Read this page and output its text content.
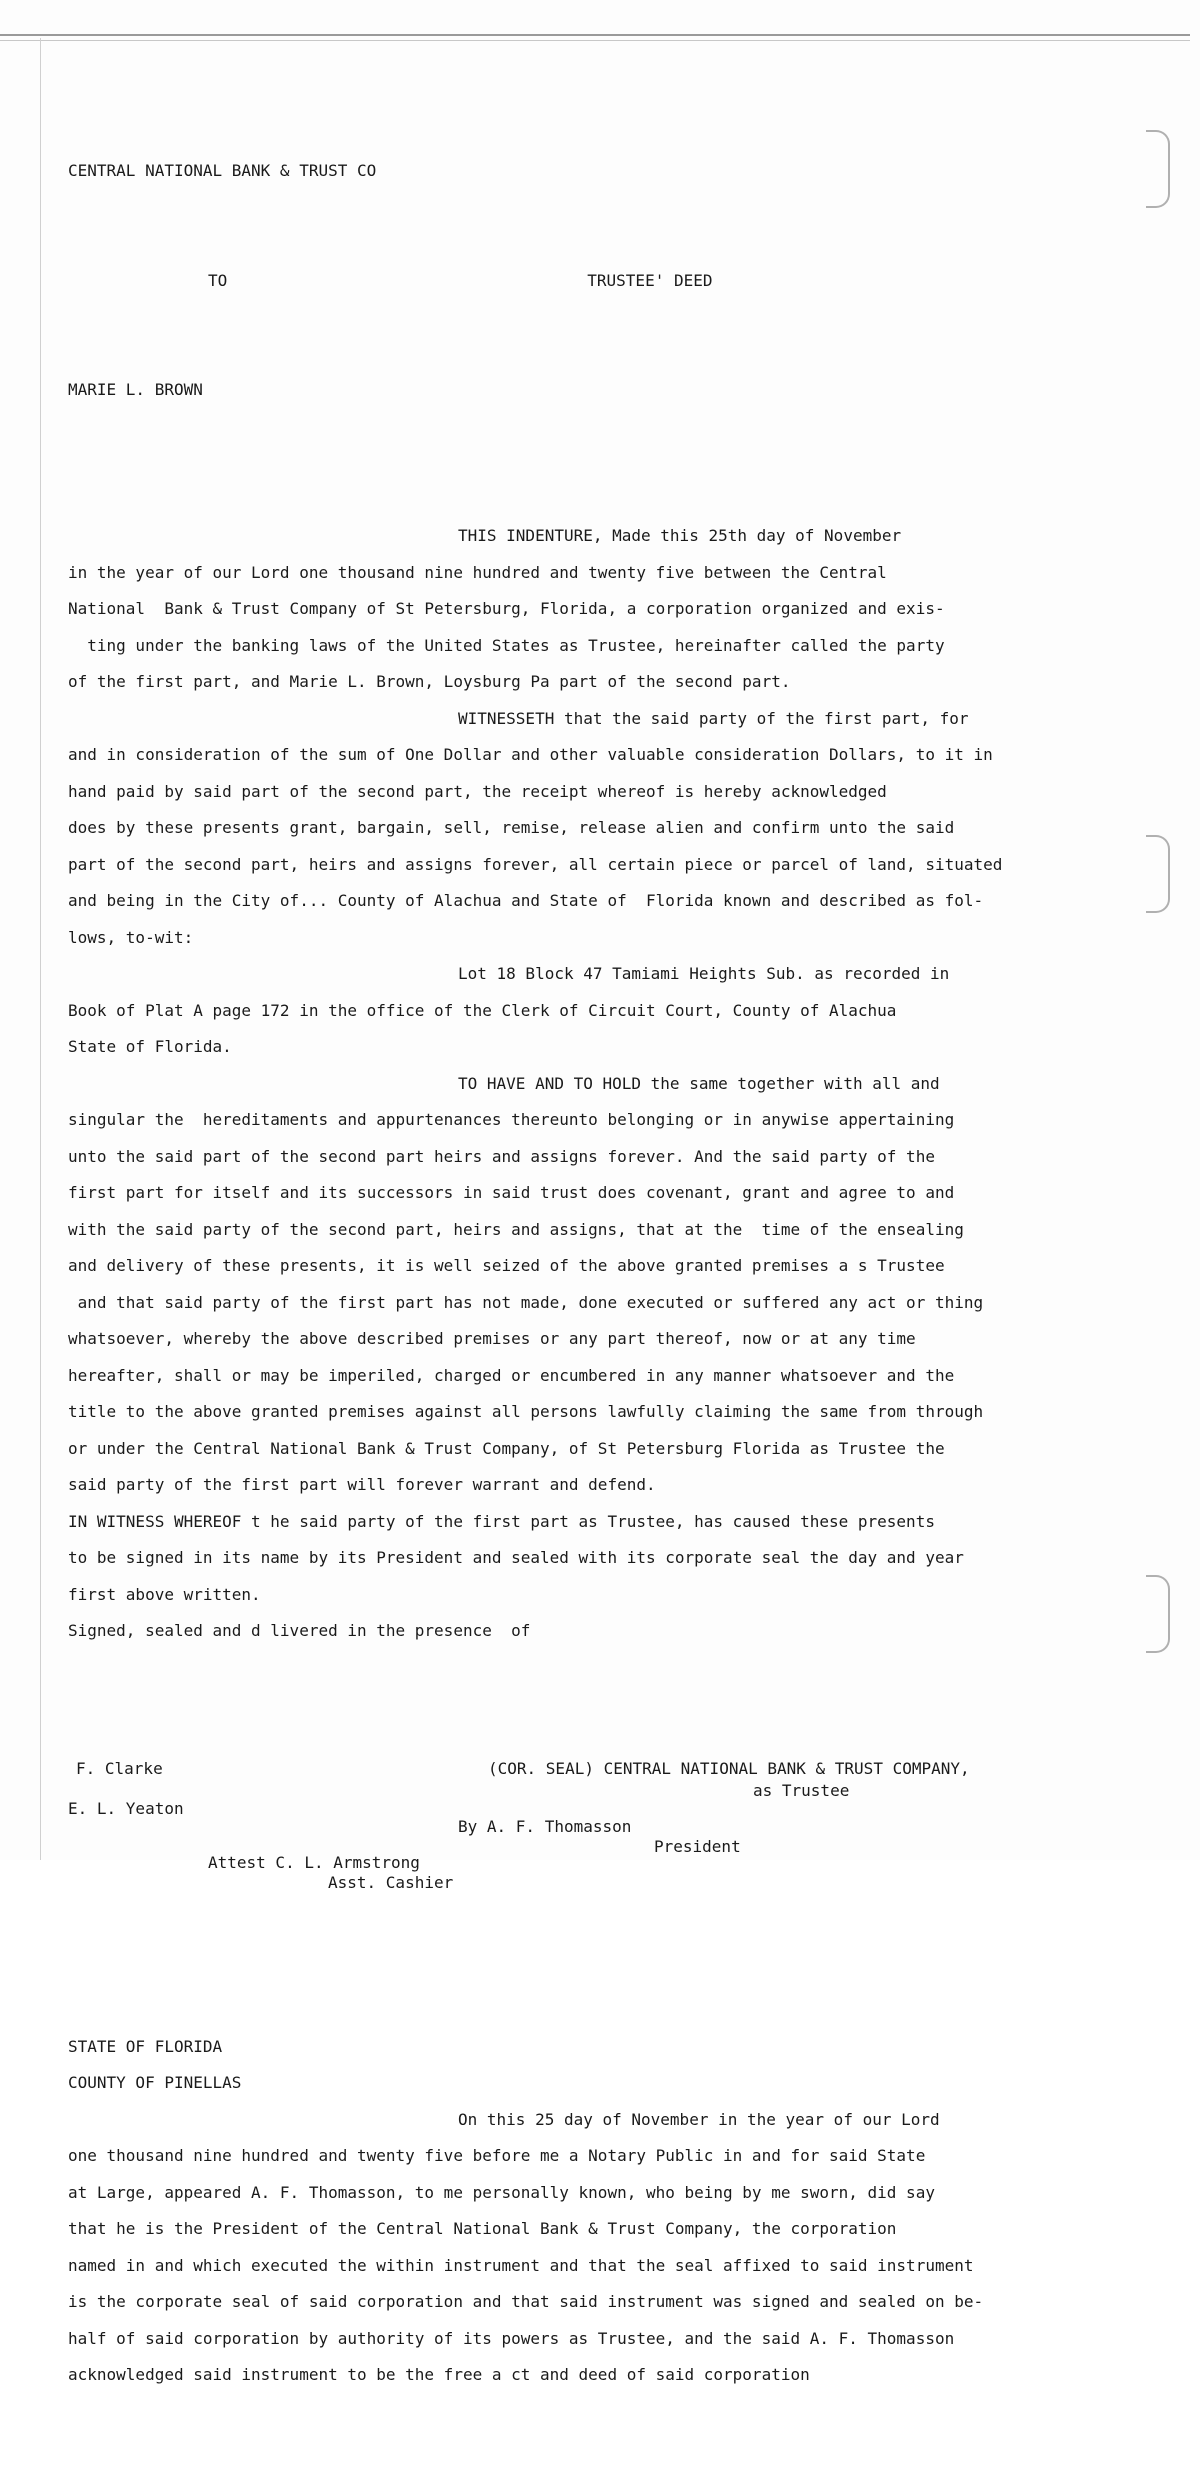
CENTRAL NATIONAL BANK & TRUST CO

TO	TRUSTEE' DEED

MARIE L. BROWN

THIS INDENTURE, Made this 25th day of November
in the year of our Lord one thousand nine hundred and twenty five between the Central
National  Bank & Trust Company of St Petersburg, Florida, a corporation organized and exis-
ting under the banking laws of the United States as Trustee, hereinafter called the party
of the first part, and Marie L. Brown, Loysburg Pa part of the second part.
WITNESSETH that the said party of the first part, for
and in consideration of the sum of One Dollar and other valuable consideration Dollars, to it in
hand paid by said part of the second part, the receipt whereof is hereby acknowledged
does by these presents grant, bargain, sell, remise, release alien and confirm unto the said
part of the second part, heirs and assigns forever, all certain piece or parcel of land, situated
and being in the City of... County of Alachua and State of  Florida known and described as fol-
lows, to-wit:
Lot 18 Block 47 Tamiami Heights Sub. as recorded in
Book of Plat A page 172 in the office of the Clerk of Circuit Court, County of Alachua
State of Florida.
TO HAVE AND TO HOLD the same together with all and
singular the  hereditaments and appurtenances thereunto belonging or in anywise appertaining
unto the said part of the second part heirs and assigns forever. And the said party of the
first part for itself and its successors in said trust does covenant, grant and agree to and
with the said party of the second part, heirs and assigns, that at the  time of the ensealing
and delivery of these presents, it is well seized of the above granted premises a s Trustee
and that said party of the first part has not made, done executed or suffered any act or thing
whatsoever, whereby the above described premises or any part thereof, now or at any time
hereafter, shall or may be imperiled, charged or encumbered in any manner whatsoever and the
title to the above granted premises against all persons lawfully claiming the same from through
or under the Central National Bank & Trust Company, of St Petersburg Florida as Trustee the
said party of the first part will forever warrant and defend.
IN WITNESS WHEREOF t he said party of the first part as Trustee, has caused these presents
to be signed in its name by its President and sealed with its corporate seal the day and year
first above written.
Signed, sealed and d livered in the presence  of

F. Clarke

E. L. Yeaton

(COR. SEAL) CENTRAL NATIONAL BANK & TRUST COMPANY,

as Trustee

By A. F. Thomasson

President

Attest C. L. Armstrong

Asst. Cashier

STATE OF FLORIDA
COUNTY OF PINELLAS
On this 25 day of November in the year of our Lord
one thousand nine hundred and twenty five before me a Notary Public in and for said State
at Large, appeared A. F. Thomasson, to me personally known, who being by me sworn, did say
that he is the President of the Central National Bank & Trust Company, the corporation
named in and which executed the within instrument and that the seal affixed to said instrument
is the corporate seal of said corporation and that said instrument was signed and sealed on be-
half of said corporation by authority of its powers as Trustee, and the said A. F. Thomasson
acknowledged said instrument to be the free a ct and deed of said corporation
